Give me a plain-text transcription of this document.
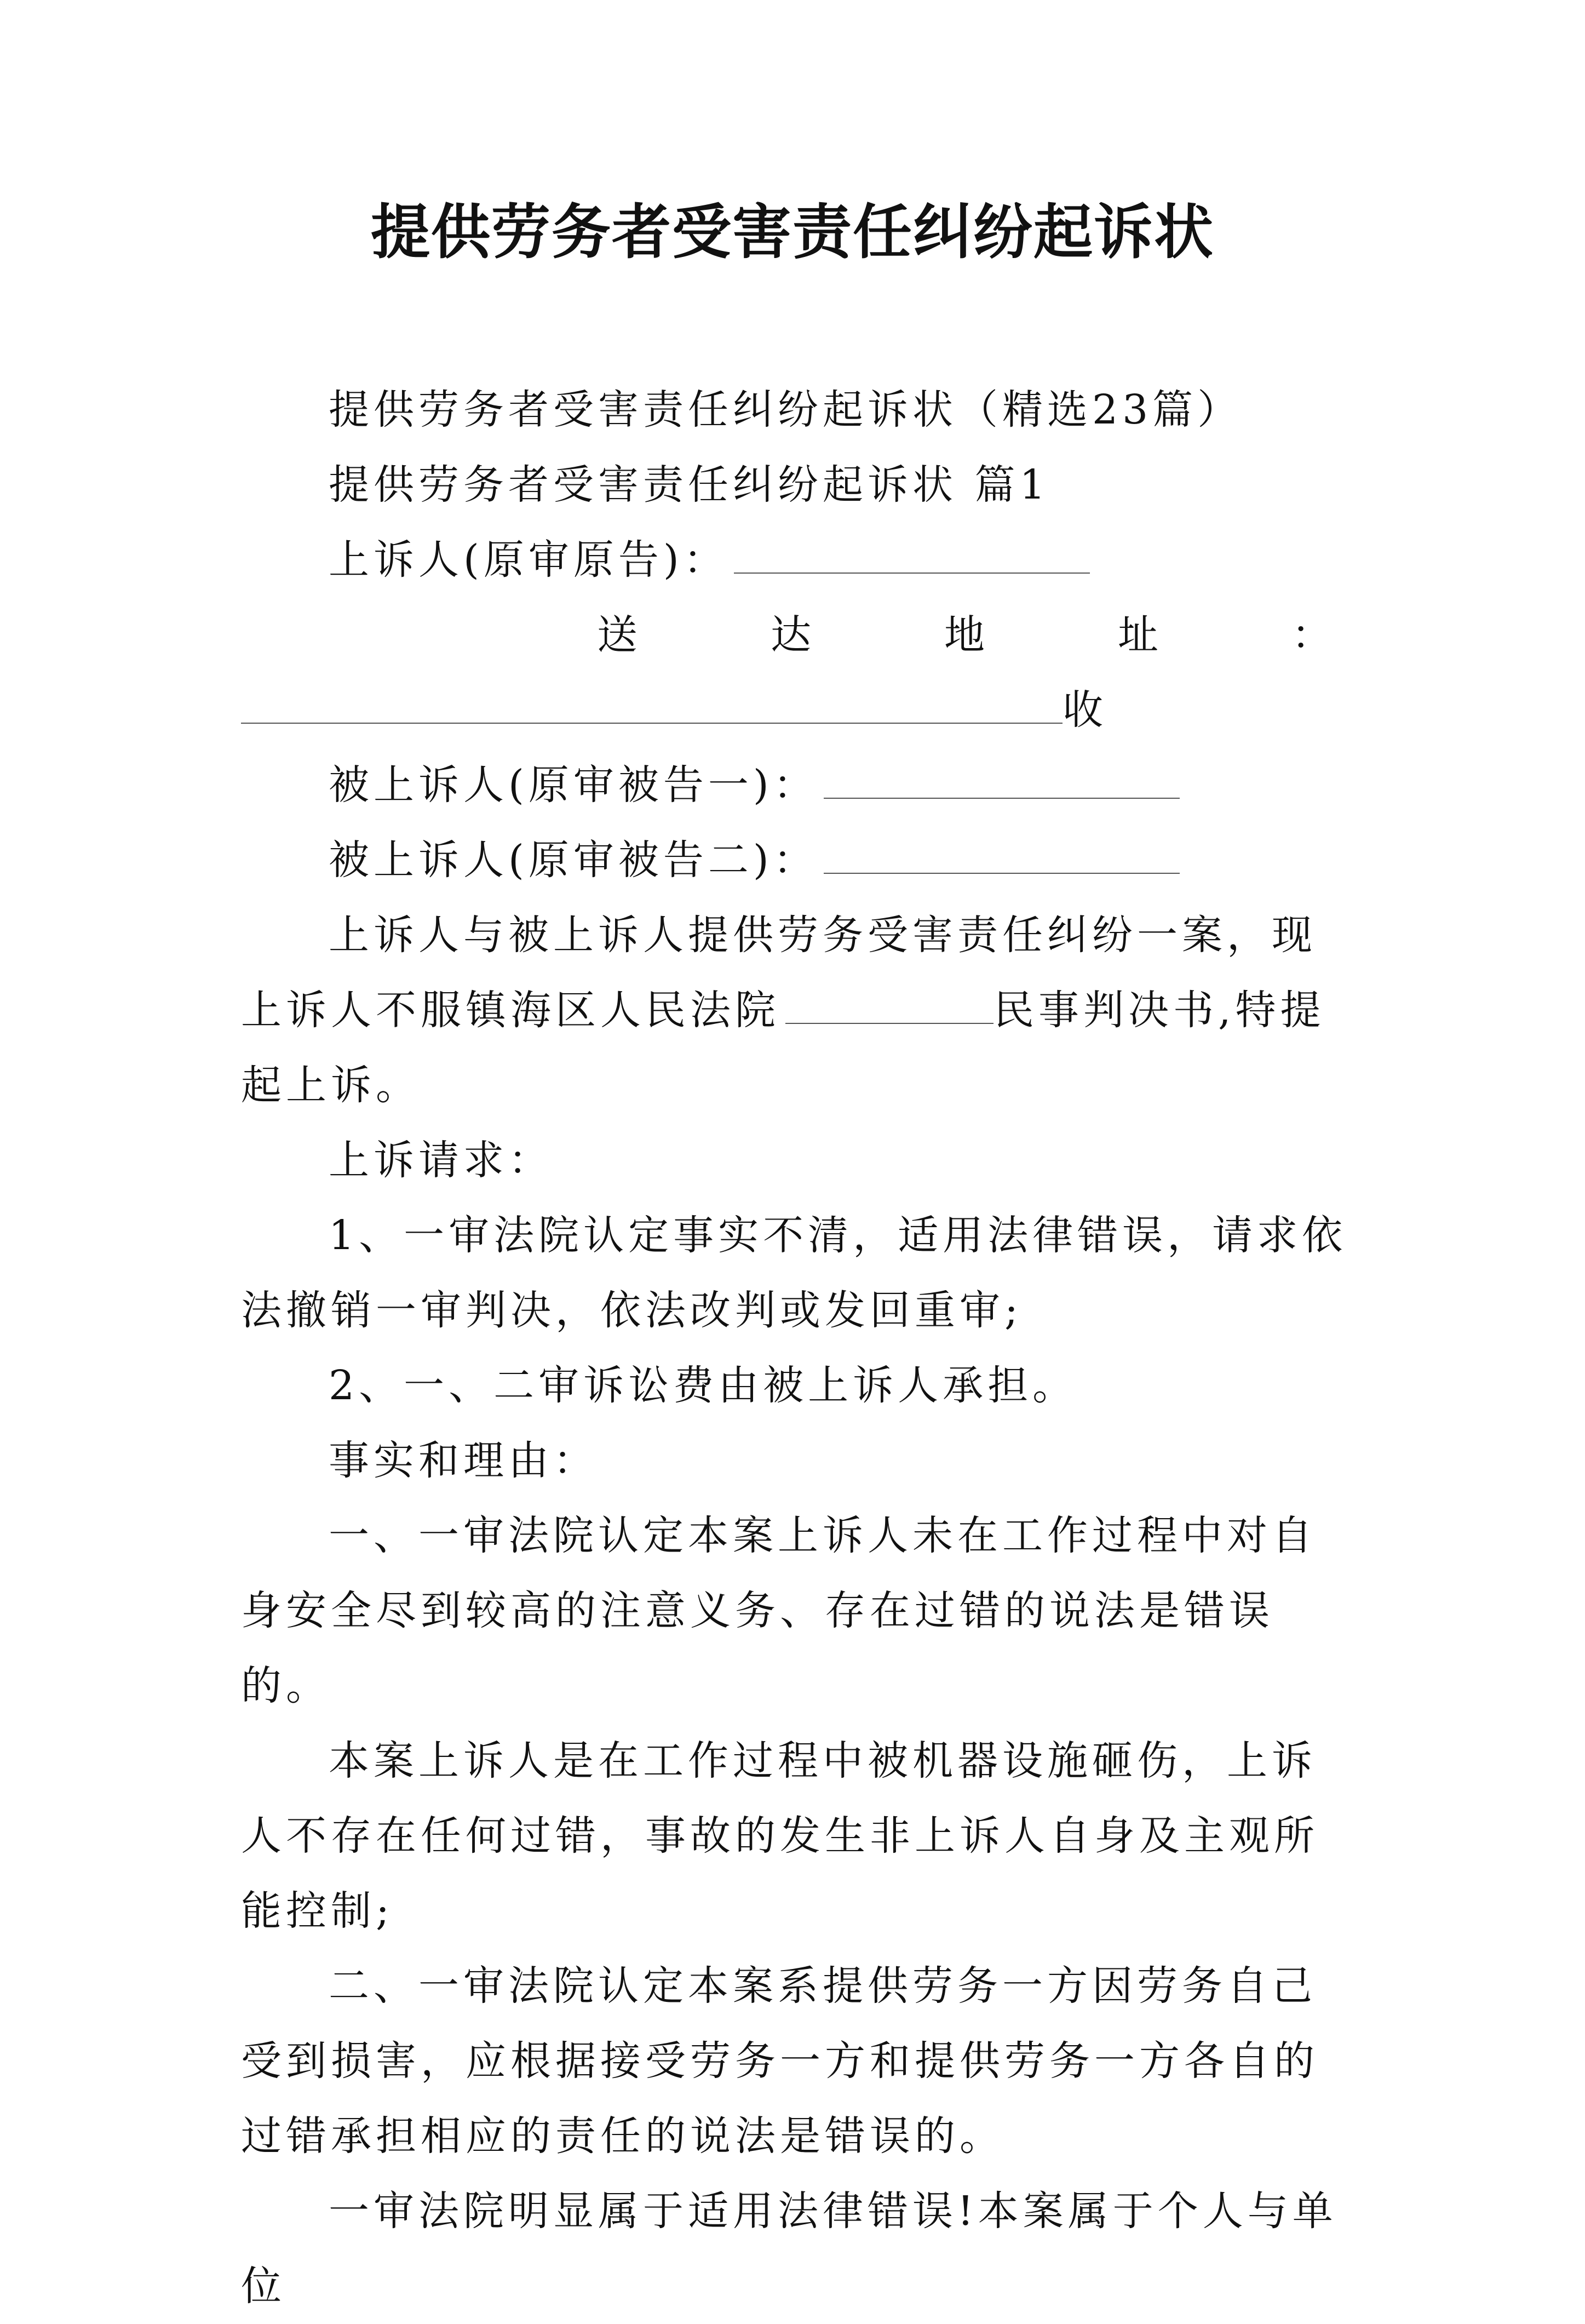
提供劳务者受害责任纠纷起诉状

提供劳务者受害责任纠纷起诉状（精选23篇）

提供劳务者受害责任纠纷起诉状 篇1

上诉人(原审原告)：

送	达	地	址	：

收

被上诉人(原审被告一)：

被上诉人(原审被告二)：

上诉人与被上诉人提供劳务受害责任纠纷一案，现上诉人不服镇海区人民法院	民事判决书,特提起上诉。

上诉请求：

1、一审法院认定事实不清，适用法律错误，请求依法撤销一审判决，依法改判或发回重审;

2、一、二审诉讼费由被上诉人承担。

事实和理由：

一、一审法院认定本案上诉人未在工作过程中对自身安全尽到较高的注意义务、存在过错的说法是错误的。

本案上诉人是在工作过程中被机器设施砸伤，上诉人不存在任何过错，事故的发生非上诉人自身及主观所能控制;

二、一审法院认定本案系提供劳务一方因劳务自己受到损害，应根据接受劳务一方和提供劳务一方各自的过错承担相应的责任的说法是错误的。

一审法院明显属于适用法律错误!本案属于个人与单位
